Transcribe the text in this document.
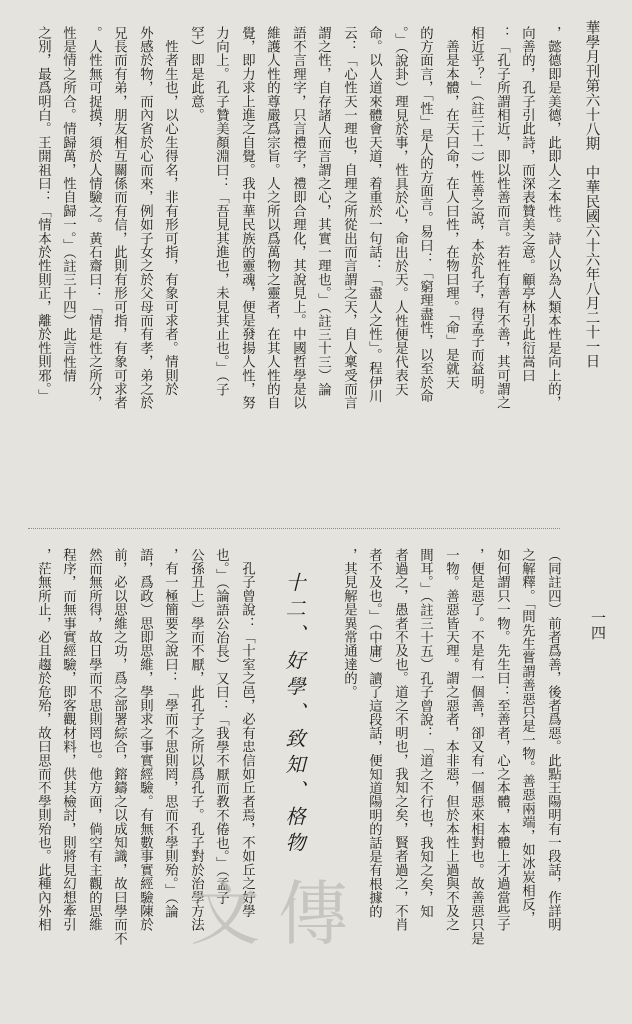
華學月刊第六十八期　中華民國六十六年八月二十一日
一四
，懿德即是美德，此即人之本性。詩人以為人類本性是向上的，
向善的，孔子引此詩，而深表贊美之意。顧亭林引此衍嵩曰
：「孔子所謂相近，即以性善而言。若性有善有不善，其可謂之
相近乎？」（註三十二）性善之說，本於孔子，得孟子而益明。
　善是本體，在天曰命，在人曰性，在物曰理。「命」是就天
的方面言，「性」是人的方面言。易曰：「窮理盡性，以至於命
。」（說卦）理見於事，性具於心，命出於天。人性便是代表天
命。以人道來體會天道，着重於一句話：「盡人之性」。程伊川
云：「心性天一理也，自理之所從出而言謂之天，自人稟受而言
謂之性，自存諸人而言謂之心，其實一理也。」（註三十三）論
語不言理字，只言禮字，禮即合理化，其說見上。中國哲學是以
維護人性的尊嚴爲宗旨。人之所以爲萬物之靈者，在其人性的自
覺，即力求上進之自覺。我中華民族的靈魂，便是發揚人性，努
力向上。孔子贊美顏淵曰：「吾見其進也，未見其止也。」（子
罕）即是此意。
　性者生也，以心生得名，非有形可指，有象可求者。情則於
外感於物，而內省於心而來，例如子女之於父母而有孝，弟之於
兄長而有弟，朋友相互關係而有信，此則有形可指，有象可求者
。人性無可捉摸，須於人情驗之。黃石齋曰：「情是性之所分，
性是情之所合。情歸萬，性自歸一。」（註三十四）此言性情
之別，最爲明白。王開祖曰：「情本於性則正，離於性則邪。」
（同註四）前者爲善，後者爲惡。此點王陽明有一段話，作詳明
之解釋。「問先生嘗謂善惡只是一物。善惡兩端，如冰炭相反，
如何謂只一物。先生曰：至善者，心之本體，本體上才過當些子
，便是惡了。不是有一個善，卻又有一個惡來相對也。故善惡只是
一物。善惡皆天理。謂之惡者，本非惡，但於本性上過與不及之
間耳。」（註三十五）孔子曾說：「道之不行也，我知之矣，知
者過之，愚者不及也。道之不明也，我知之矣，賢者過之，不肖
者不及也。」（中庸）讀了這段話，便知道陽明的話是有根據的
，其見解是異常通達的。
十二、好學、致知、格物
　孔子曾說：「十室之邑，必有忠信如丘者焉，不如丘之好學
也。」（論語公冶長）又曰：「我學不厭而教不倦也。」（孟子
公孫丑上）學而不厭，此孔子之所以爲孔子。孔子對於治學方法
，有一極簡要之說曰：「學而不思則罔，思而不學則殆。」（論
語，爲政）思即思維，學則求之事實經驗。有無數事實經驗陳於
前，必以思維之功，爲之部署綜合，鎔鑄之以成知識，故曰學而不
然而無所得，故日學而不思則罔也。他方面，倘空有主觀的思維
程序，而無事實經驗，即客觀材料，供其檢討，則將見幻想牽引
，茫無所止，必且趨於危殆，故曰思而不學則殆也。此種內外相 文傳
